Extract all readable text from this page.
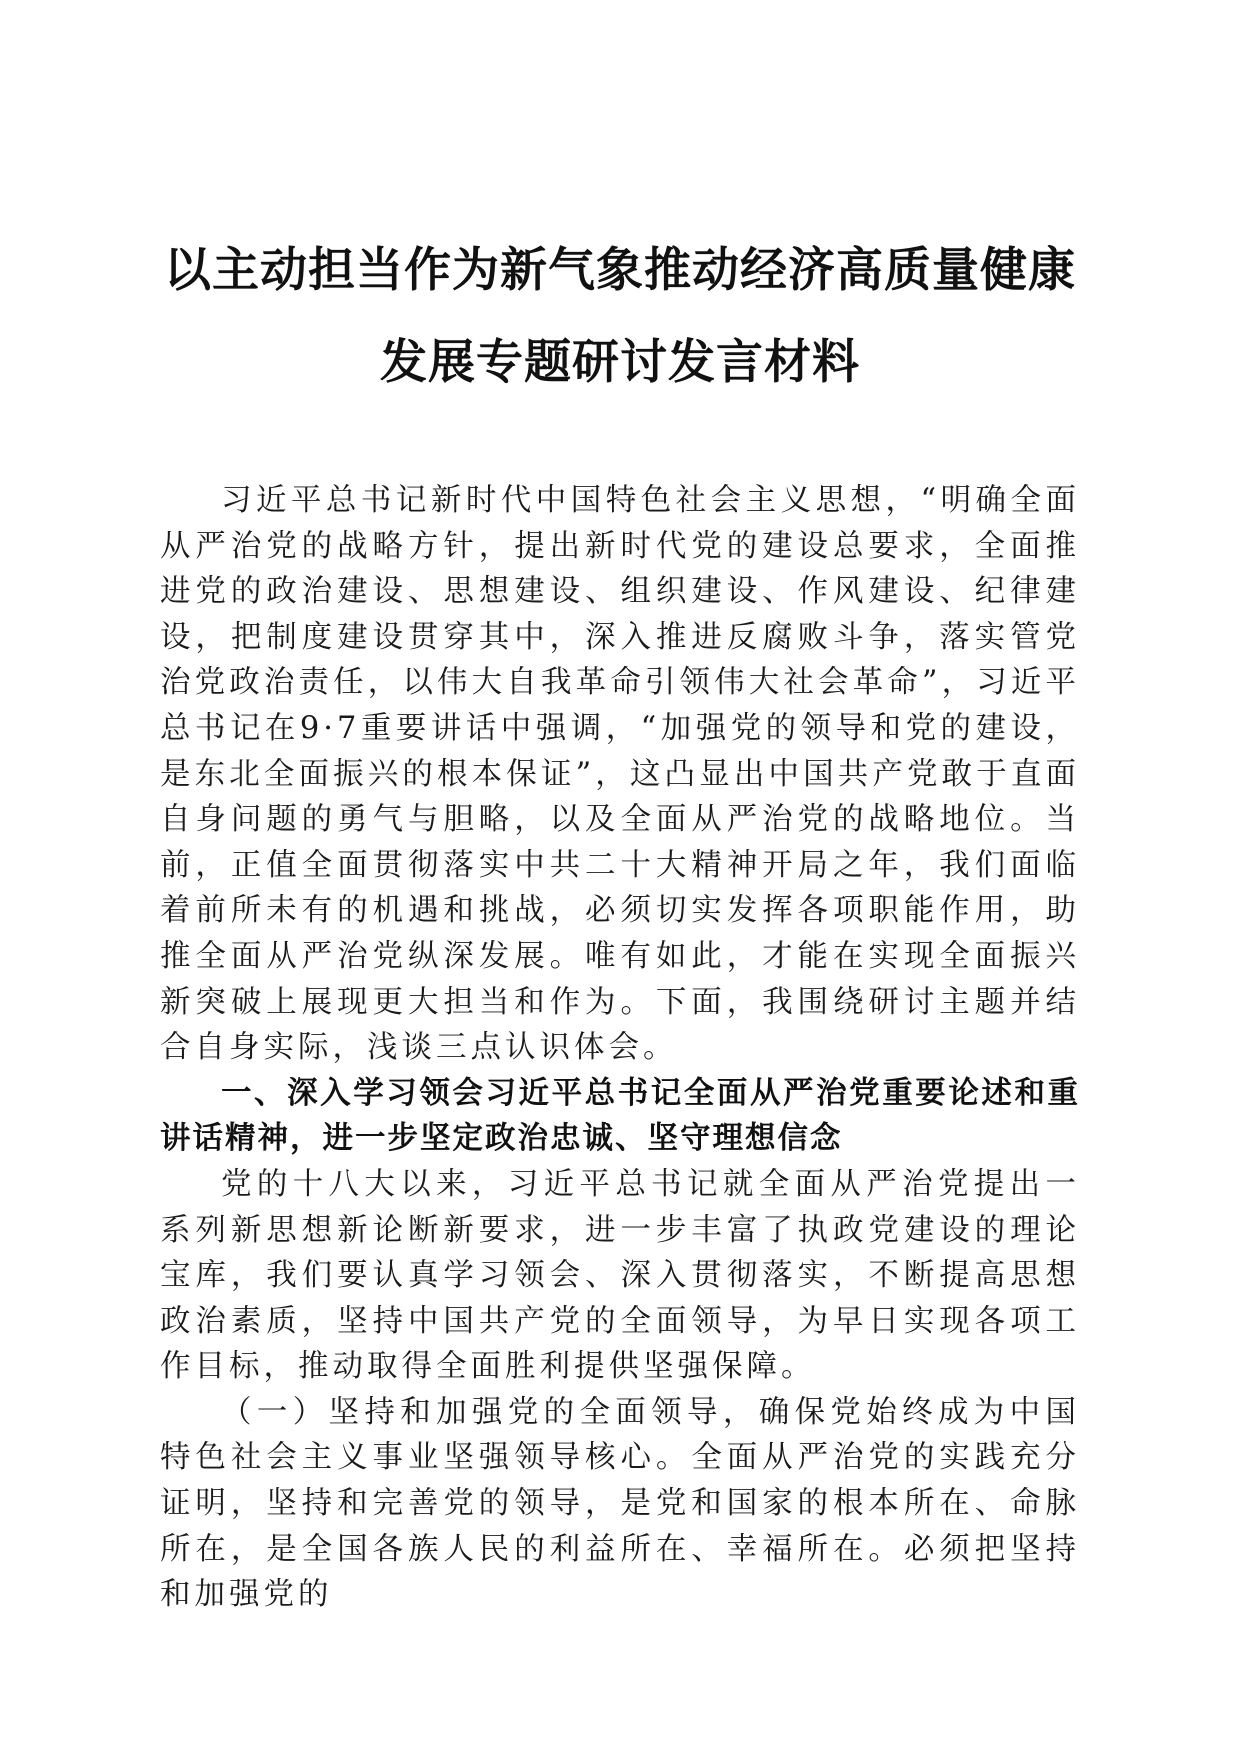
以主动担当作为新气象推动经济高质量健康发展专题研讨发言材料

习近平总书记新时代中国特色社会主义思想，“明确全面从严治党的战略方针，提出新时代党的建设总要求，全面推进党的政治建设、思想建设、组织建设、作风建设、纪律建设，把制度建设贯穿其中，深入推进反腐败斗争，落实管党治党政治责任，以伟大自我革命引领伟大社会革命”，习近平总书记在9·7重要讲话中强调，“加强党的领导和党的建设，是东北全面振兴的根本保证”，这凸显出中国共产党敢于直面自身问题的勇气与胆略，以及全面从严治党的战略地位。当前，正值全面贯彻落实中共二十大精神开局之年，我们面临着前所未有的机遇和挑战，必须切实发挥各项职能作用，助推全面从严治党纵深发展。唯有如此，才能在实现全面振兴新突破上展现更大担当和作为。下面，我围绕研讨主题并结合自身实际，浅谈三点认识体会。

一、深入学习领会习近平总书记全面从严治党重要论述和重讲话精神，进一步坚定政治忠诚、坚守理想信念

党的十八大以来，习近平总书记就全面从严治党提出一系列新思想新论断新要求，进一步丰富了执政党建设的理论宝库，我们要认真学习领会、深入贯彻落实，不断提高思想政治素质，坚持中国共产党的全面领导，为早日实现各项工作目标，推动取得全面胜利提供坚强保障。

（一）坚持和加强党的全面领导，确保党始终成为中国特色社会主义事业坚强领导核心。全面从严治党的实践充分证明，坚持和完善党的领导，是党和国家的根本所在、命脉所在，是全国各族人民的利益所在、幸福所在。必须把坚持和加强党的
